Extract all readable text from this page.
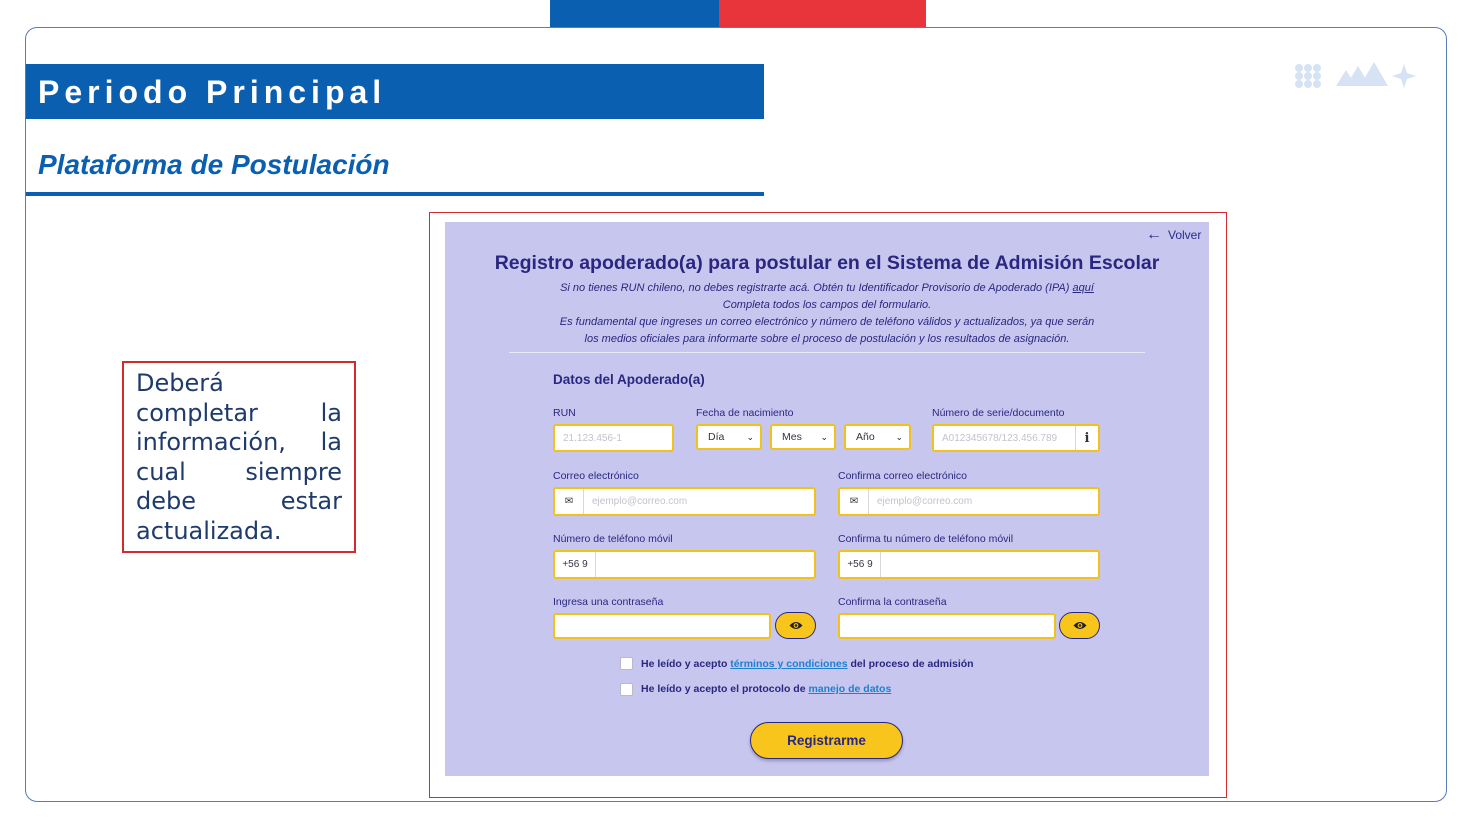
Periodo Principal
Plataforma de Postulación
Deberá completar la información, la cual siempre debe estar actualizada.
← Volver
Registro apoderado(a) para postular en el Sistema de Admisión Escolar
Si no tienes RUN chileno, no debes registrarte acá. Obtén tu Identificador Provisorio de Apoderado (IPA) aquí
Completa todos los campos del formulario.
Es fundamental que ingreses un correo electrónico y número de teléfono válidos y actualizados, ya que serán
los medios oficiales para informarte sobre el proceso de postulación y los resultados de asignación.
Datos del Apoderado(a)
RUN
21.123.456-1
Fecha de nacimiento
Día ⌄	Mes ⌄	Año ⌄
Número de serie/documento
A012345678/123.456.789	i
Correo electrónico
✉	ejemplo@correo.com
Confirma correo electrónico
✉	ejemplo@correo.com
Número de teléfono móvil
+56 9
Confirma tu número de teléfono móvil
+56 9
Ingresa una contraseña	Confirma la contraseña
He leído y acepto términos y condiciones del proceso de admisión
He leído y acepto el protocolo de manejo de datos
Registrarme
